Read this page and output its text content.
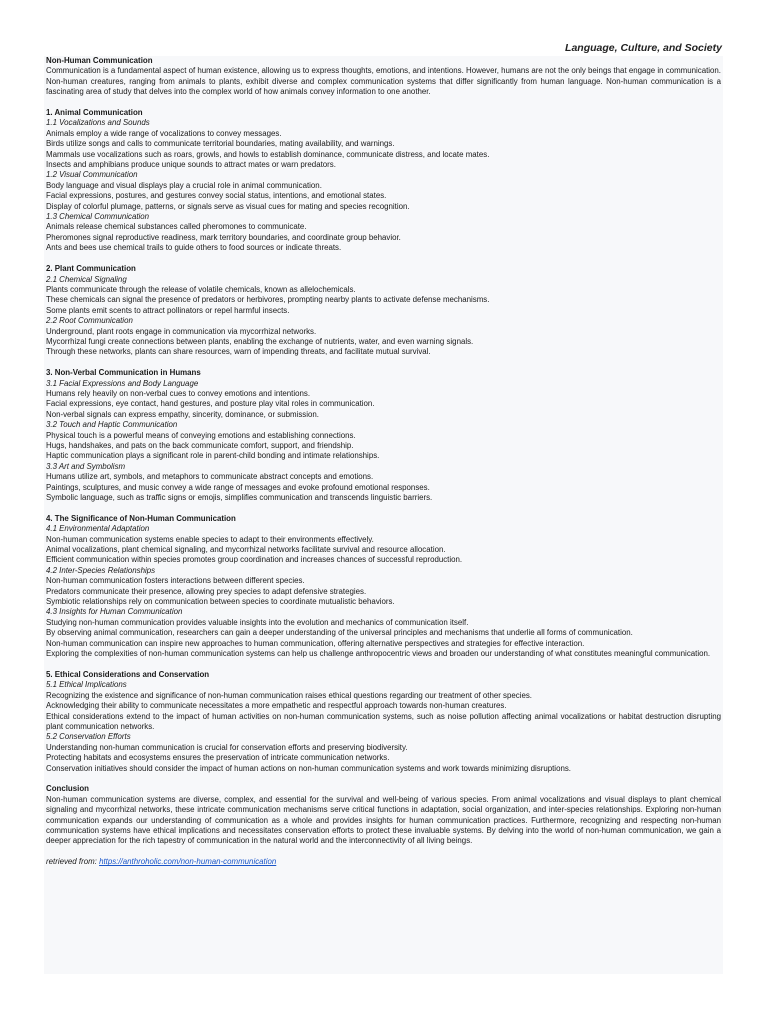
Language, Culture, and Society

Non-Human Communication

Communication is a fundamental aspect of human existence, allowing us to express thoughts, emotions, and intentions. However, humans are not the only beings that engage in communication. Non-human creatures, ranging from animals to plants, exhibit diverse and complex communication systems that differ significantly from human language. Non-human communication is a fascinating area of study that delves into the complex world of how animals convey information to one another.

1. Animal Communication

1.1 Vocalizations and Sounds

Animals employ a wide range of vocalizations to convey messages.

Birds utilize songs and calls to communicate territorial boundaries, mating availability, and warnings.

Mammals use vocalizations such as roars, growls, and howls to establish dominance, communicate distress, and locate mates.

Insects and amphibians produce unique sounds to attract mates or warn predators.

1.2 Visual Communication

Body language and visual displays play a crucial role in animal communication.

Facial expressions, postures, and gestures convey social status, intentions, and emotional states.

Display of colorful plumage, patterns, or signals serve as visual cues for mating and species recognition.

1.3 Chemical Communication

Animals release chemical substances called pheromones to communicate.

Pheromones signal reproductive readiness, mark territory boundaries, and coordinate group behavior.

Ants and bees use chemical trails to guide others to food sources or indicate threats.

2. Plant Communication

2.1 Chemical Signaling

Plants communicate through the release of volatile chemicals, known as allelochemicals.

These chemicals can signal the presence of predators or herbivores, prompting nearby plants to activate defense mechanisms.

Some plants emit scents to attract pollinators or repel harmful insects.

2.2 Root Communication

Underground, plant roots engage in communication via mycorrhizal networks.

Mycorrhizal fungi create connections between plants, enabling the exchange of nutrients, water, and even warning signals.

Through these networks, plants can share resources, warn of impending threats, and facilitate mutual survival.

3. Non-Verbal Communication in Humans

3.1 Facial Expressions and Body Language

Humans rely heavily on non-verbal cues to convey emotions and intentions.

Facial expressions, eye contact, hand gestures, and posture play vital roles in communication.

Non-verbal signals can express empathy, sincerity, dominance, or submission.

3.2 Touch and Haptic Communication

Physical touch is a powerful means of conveying emotions and establishing connections.

Hugs, handshakes, and pats on the back communicate comfort, support, and friendship.

Haptic communication plays a significant role in parent-child bonding and intimate relationships.

3.3 Art and Symbolism

Humans utilize art, symbols, and metaphors to communicate abstract concepts and emotions.

Paintings, sculptures, and music convey a wide range of messages and evoke profound emotional responses.

Symbolic language, such as traffic signs or emojis, simplifies communication and transcends linguistic barriers.

4. The Significance of Non-Human Communication

4.1 Environmental Adaptation

Non-human communication systems enable species to adapt to their environments effectively.

Animal vocalizations, plant chemical signaling, and mycorrhizal networks facilitate survival and resource allocation.

Efficient communication within species promotes group coordination and increases chances of successful reproduction.

4.2 Inter-Species Relationships

Non-human communication fosters interactions between different species.

Predators communicate their presence, allowing prey species to adapt defensive strategies.

Symbiotic relationships rely on communication between species to coordinate mutualistic behaviors.

4.3 Insights for Human Communication

Studying non-human communication provides valuable insights into the evolution and mechanics of communication itself.

By observing animal communication, researchers can gain a deeper understanding of the universal principles and mechanisms that underlie all forms of communication.

Non-human communication can inspire new approaches to human communication, offering alternative perspectives and strategies for effective interaction.

Exploring the complexities of non-human communication systems can help us challenge anthropocentric views and broaden our understanding of what constitutes meaningful communication.

5. Ethical Considerations and Conservation

5.1 Ethical Implications

Recognizing the existence and significance of non-human communication raises ethical questions regarding our treatment of other species.

Acknowledging their ability to communicate necessitates a more empathetic and respectful approach towards non-human creatures.

Ethical considerations extend to the impact of human activities on non-human communication systems, such as noise pollution affecting animal vocalizations or habitat destruction disrupting plant communication networks.

5.2 Conservation Efforts

Understanding non-human communication is crucial for conservation efforts and preserving biodiversity.

Protecting habitats and ecosystems ensures the preservation of intricate communication networks.

Conservation initiatives should consider the impact of human actions on non-human communication systems and work towards minimizing disruptions.

Conclusion

Non-human communication systems are diverse, complex, and essential for the survival and well-being of various species. From animal vocalizations and visual displays to plant chemical signaling and mycorrhizal networks, these intricate communication mechanisms serve critical functions in adaptation, social organization, and inter-species relationships. Exploring non-human communication expands our understanding of communication as a whole and provides insights for human communication practices. Furthermore, recognizing and respecting non-human communication systems have ethical implications and necessitates conservation efforts to protect these invaluable systems. By delving into the world of non-human communication, we gain a deeper appreciation for the rich tapestry of communication in the natural world and the interconnectivity of all living beings.

retrieved from: https://anthroholic.com/non-human-communication
